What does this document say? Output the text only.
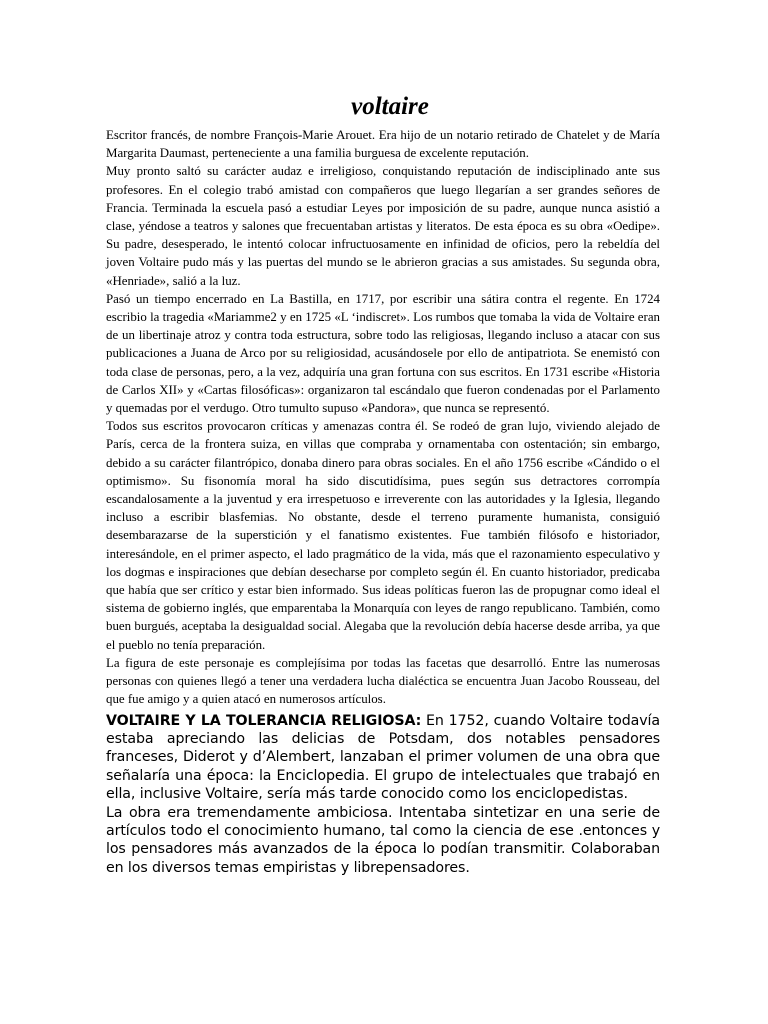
voltaire

Escritor francés, de nombre François-Marie Arouet. Era hijo de un notario retirado de Chatelet y de María Margarita Daumast, perteneciente a una familia burguesa de excelente reputación.

Muy pronto saltó su carácter audaz e irreligioso, conquistando reputación de indisciplinado ante sus profesores. En el colegio trabó amistad con compañeros que luego llegarían a ser grandes señores de Francia. Terminada la escuela pasó a estudiar Leyes por imposición de su padre, aunque nunca asistió a clase, yéndose a teatros y salones que frecuentaban artistas y literatos. De esta época es su obra «Oedipe». Su padre, desesperado, le intentó colocar infructuosamente en infinidad de oficios, pero la rebeldía del joven Voltaire pudo más y las puertas del mundo se le abrieron gracias a sus amistades. Su segunda obra, «Henriade», salió a la luz.

Pasó un tiempo encerrado en La Bastilla, en 1717, por escribir una sátira contra el regente. En 1724 escribio la tragedia «Mariamme2 y en 1725 «L ‘indiscret». Los rumbos que tomaba la vida de Voltaire eran de un libertinaje atroz y contra toda estructura, sobre todo las religiosas, llegando incluso a atacar con sus publicaciones a Juana de Arco por su religiosidad, acusándosele por ello de antipatriota. Se enemistó con toda clase de personas, pero, a la vez, adquiría una gran fortuna con sus escritos. En 1731 escribe «Historia de Carlos XII» y «Cartas filosóficas»: organizaron tal escándalo que fueron condenadas por el Parlamento y quemadas por el verdugo. Otro tumulto supuso «Pandora», que nunca se representó.

Todos sus escritos provocaron críticas y amenazas contra él. Se rodeó de gran lujo, viviendo alejado de París, cerca de la frontera suiza, en villas que compraba y ornamentaba con ostentación; sin embargo, debido a su carácter filantrópico, donaba dinero para obras sociales. En el año 1756 escribe «Cándido o el optimismo». Su fisonomía moral ha sido discutidísima, pues según sus detractores corrompía escandalosamente a la juventud y era irrespetuoso e irreverente con las autoridades y la Iglesia, llegando incluso a escribir blasfemias. No obstante, desde el terreno puramente humanista, consiguió desembarazarse de la superstición y el fanatismo existentes. Fue también filósofo e historiador, interesándole, en el primer aspecto, el lado pragmático de la vida, más que el razonamiento especulativo y los dogmas e inspiraciones que debían desecharse por completo según él. En cuanto historiador, predicaba que había que ser crítico y estar bien informado. Sus ideas políticas fueron las de propugnar como ideal el sistema de gobierno inglés, que emparentaba la Monarquía con leyes de rango republicano. También, como buen burgués, aceptaba la desigualdad social. Alegaba que la revolución debía hacerse desde arriba, ya que el pueblo no tenía preparación.

La figura de este personaje es complejísima por todas las facetas que desarrolló. Entre las numerosas personas con quienes llegó a tener una verdadera lucha dialéctica se encuentra Juan Jacobo Rousseau, del que fue amigo y a quien atacó en numerosos artículos.

VOLTAIRE Y LA TOLERANCIA RELIGIOSA: En 1752, cuando Voltaire todavía estaba apreciando las delicias de Potsdam, dos notables pensadores franceses, Diderot y d’Alembert, lanzaban el primer volumen de una obra que señalaría una época: la Enciclopedia. El grupo de intelectuales que trabajó en ella, inclusive Voltaire, sería más tarde conocido como los enciclopedistas.

La obra era tremendamente ambiciosa. Intentaba sintetizar en una serie de artículos todo el conocimiento humano, tal como la ciencia de ese .entonces y los pensadores más avanzados de la época lo podían transmitir. Colaboraban en los diversos temas empiristas y librepensadores.
